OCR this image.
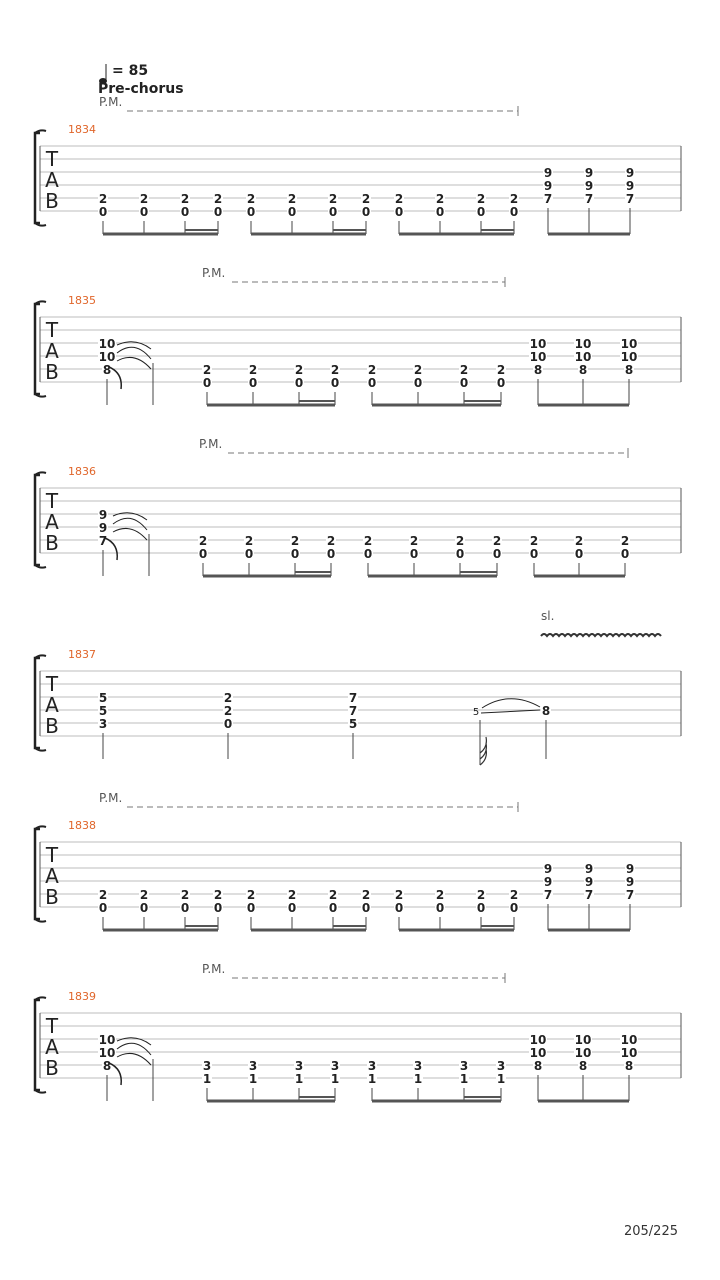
= 85
Pre-chorus
1834
T
A
B
P.M.
2
0
2
0
2
0
2
0
2
0
2
0
2
0
2
0
2
0
2
0
2
0
2
0
9
9
7
9
9
7
9
9
7
1835
T
A
B
P.M.
10
10
8	2
0
2
0
2
0
2
0
2
0
2
0
2
0
2
0
10
10
8
10
10
8
10
10
8
1836
T
A
B
P.M.
9
9
7	2
0
2
0
2
0
2
0
2
0
2
0
2
0
2
0
2
0
2
0
2
0
1837
T
A
B
5
5
3
2
2
0
7
7
5
8
sl.
5
1838
T
A
B
P.M.
2
0
2
0
2
0
2
0
2
0
2
0
2
0
2
0
2
0
2
0
2
0
2
0
9
9
7
9
9
7
9
9
7
1839
T
A
B
P.M.
10
10
8	3
1
3
1
3
1
3
1
3
1
3
1
3
1
3
1
10
10
8
10
10
8
10
10
8
205/225
